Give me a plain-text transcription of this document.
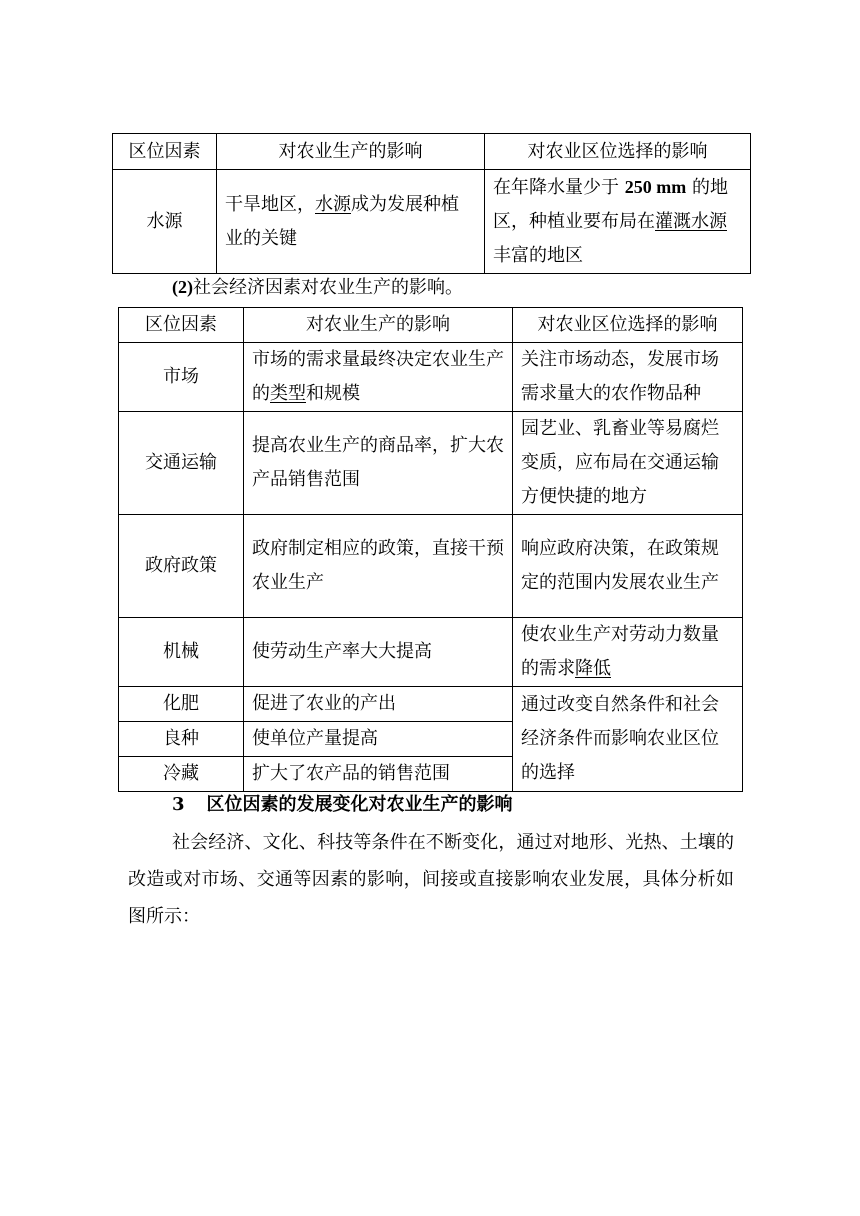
区位因素	对农业生产的影响	对农业区位选择的影响
水源	干旱地区，水源成为发展种植业的关键	在年降水量少于 250 mm 的地区，种植业要布局在灌溉水源丰富的地区
(2)社会经济因素对农业生产的影响。
区位因素	对农业生产的影响	对农业区位选择的影响
市场	市场的需求量最终决定农业生产的类型和规模	关注市场动态，发展市场需求量大的农作物品种
交通运输	提高农业生产的商品率，扩大农产品销售范围	园艺业、乳畜业等易腐烂变质，应布局在交通运输方便快捷的地方
政府政策	政府制定相应的政策，直接干预农业生产	响应政府决策，在政策规定的范围内发展农业生产
机械	使劳动生产率大大提高	使农业生产对劳动力数量的需求降低
化肥	促进了农业的产出	通过改变自然条件和社会经济条件而影响农业区位的选择
良种	使单位产量提高	
冷藏	扩大了农产品的销售范围	
3 区位因素的发展变化对农业生产的影响
社会经济、文化、科技等条件在不断变化，通过对地形、光热、土壤的改造或对市场、交通等因素的影响，间接或直接影响农业发展，具体分析如图所示：
